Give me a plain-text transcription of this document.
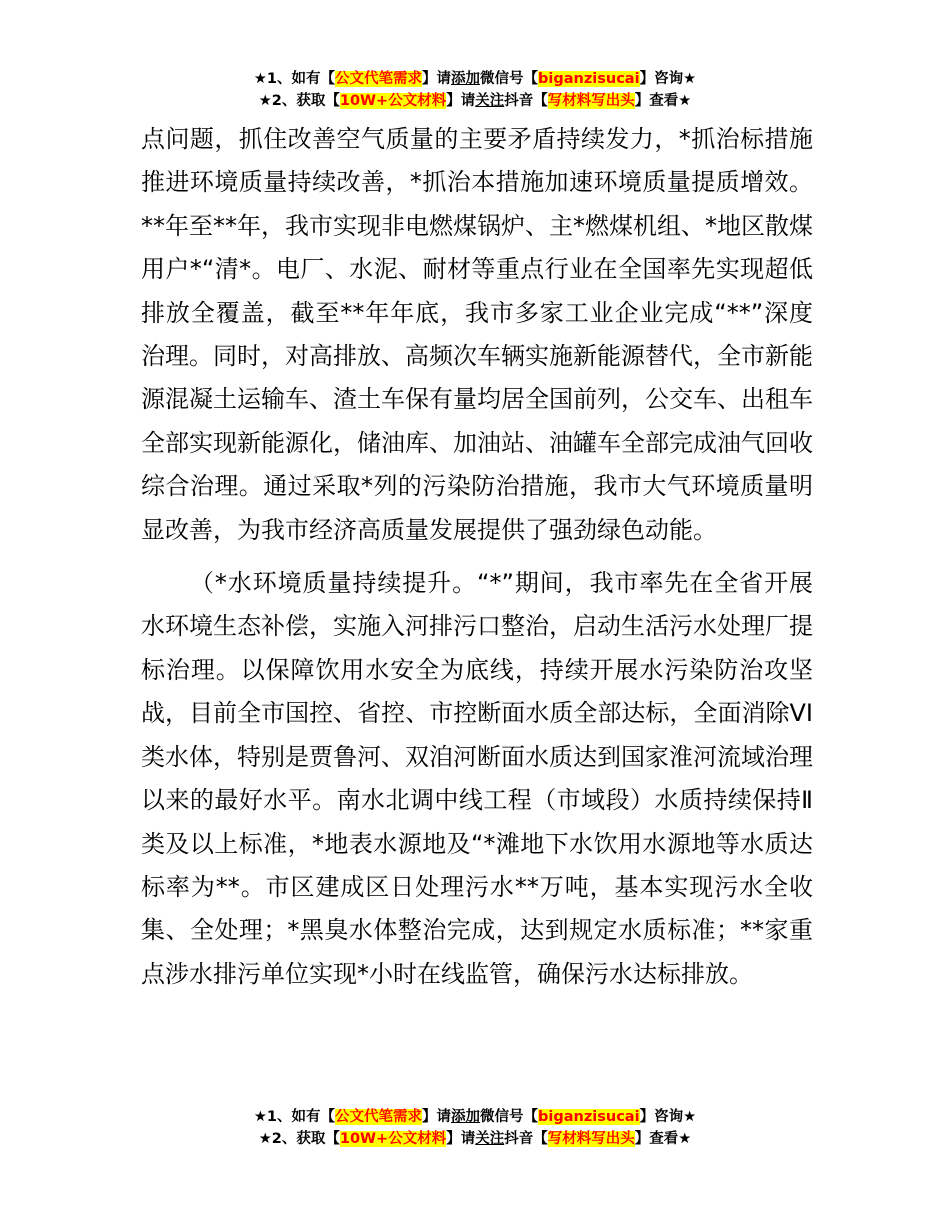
★1、如有【公文代笔需求】请添加微信号【biganzisucai】咨询★
★2、获取【10W+公文材料】请关注抖音【写材料写出头】查看★

点问题，抓住改善空气质量的主要矛盾持续发力，*抓治标措施推进环境质量持续改善，*抓治本措施加速环境质量提质增效。**年至**年，我市实现非电燃煤锅炉、主*燃煤机组、*地区散煤用户*“清*。电厂、水泥、耐材等重点行业在全国率先实现超低排放全覆盖，截至**年年底，我市多家工业企业完成“**”深度治理。同时，对高排放、高频次车辆实施新能源替代，全市新能源混凝土运输车、渣土车保有量均居全国前列，公交车、出租车全部实现新能源化，储油库、加油站、油罐车全部完成油气回收综合治理。通过采取*列的污染防治措施，我市大气环境质量明显改善，为我市经济高质量发展提供了强劲绿色动能。

（*水环境质量持续提升。“*”期间，我市率先在全省开展水环境生态补偿，实施入河排污口整治，启动生活污水处理厂提标治理。以保障饮用水安全为底线，持续开展水污染防治攻坚战，目前全市国控、省控、市控断面水质全部达标，全面消除VI类水体，特别是贾鲁河、双洎河断面水质达到国家淮河流域治理以来的最好水平。南水北调中线工程（市域段）水质持续保持Ⅱ类及以上标准，*地表水源地及“*滩地下水饮用水源地等水质达标率为**。市区建成区日处理污水**万吨，基本实现污水全收集、全处理；*黑臭水体整治完成，达到规定水质标准；**家重点涉水排污单位实现*小时在线监管，确保污水达标排放。

★1、如有【公文代笔需求】请添加微信号【biganzisucai】咨询★
★2、获取【10W+公文材料】请关注抖音【写材料写出头】查看★
